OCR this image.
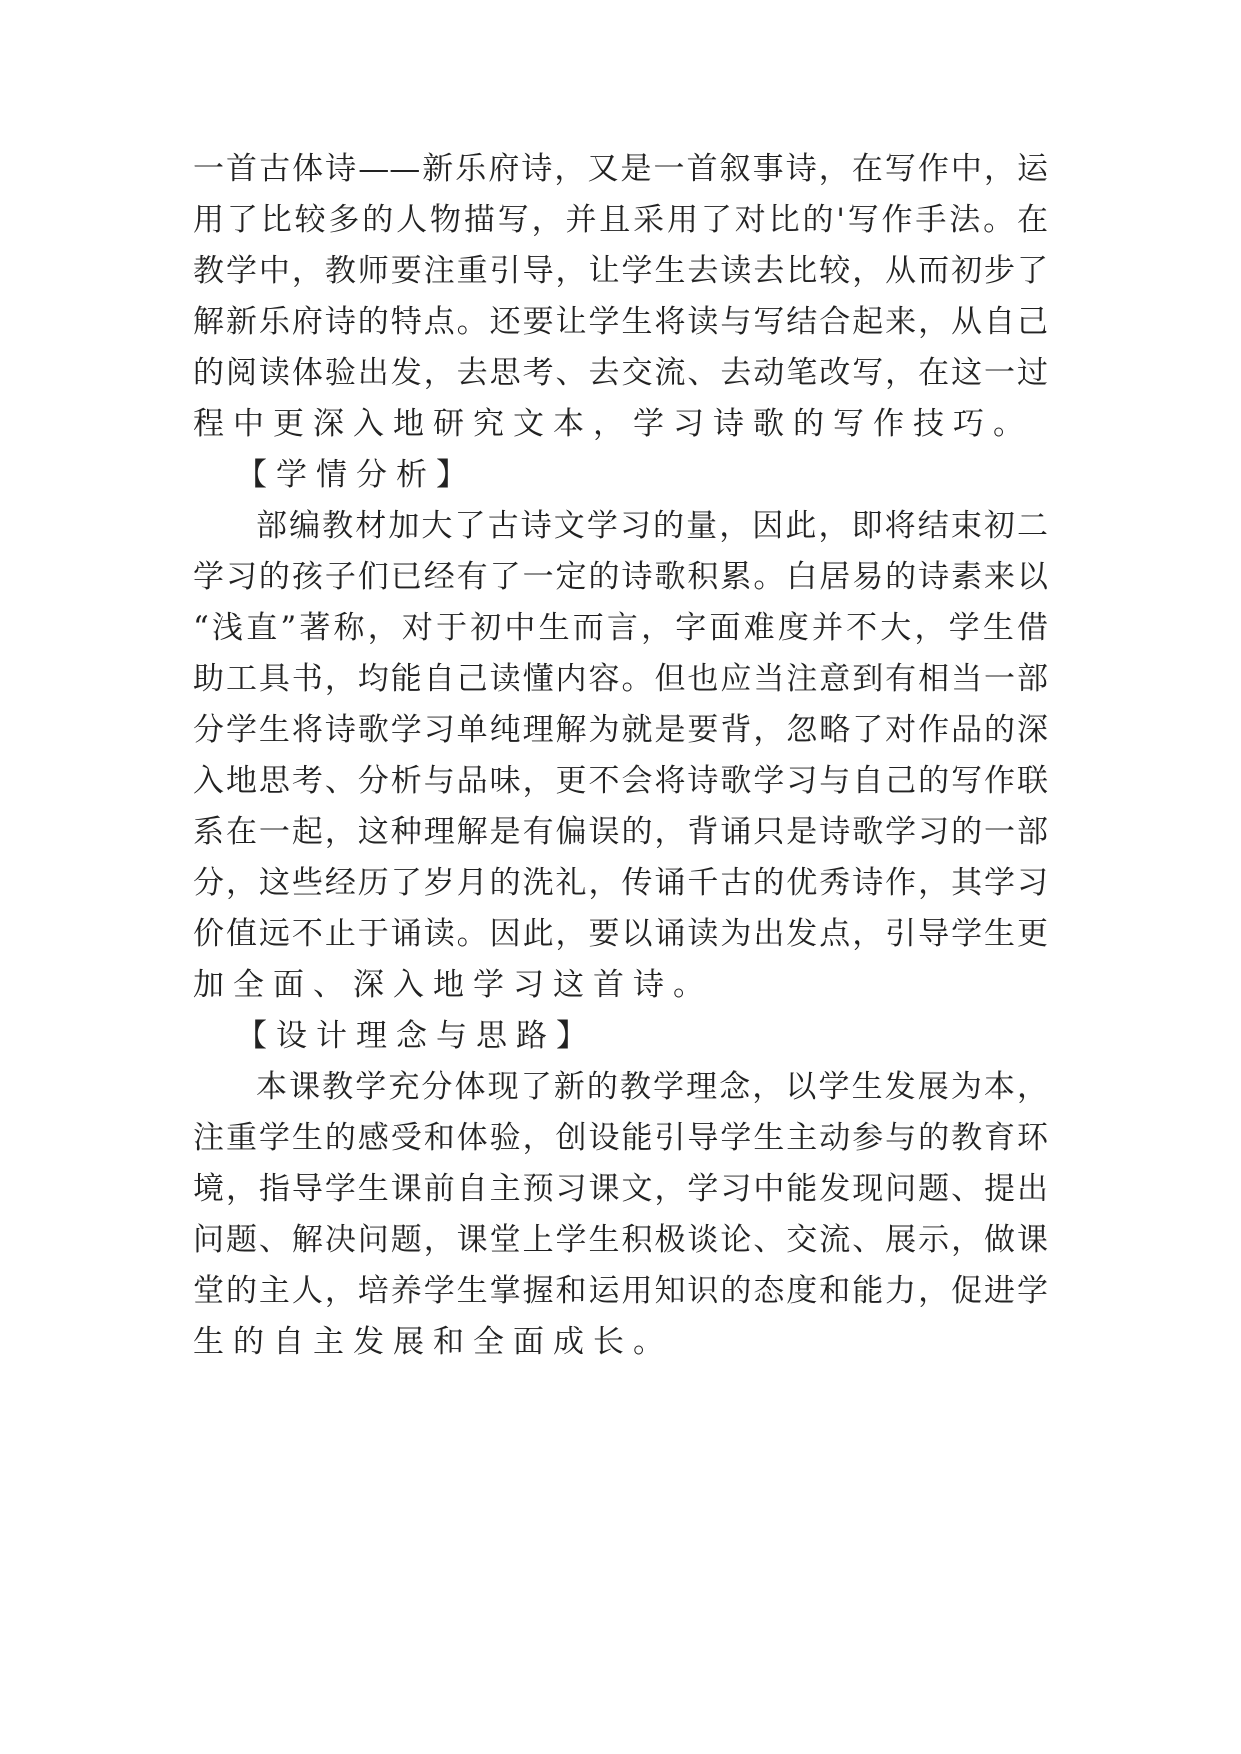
一首古体诗——新乐府诗，又是一首叙事诗，在写作中，运
用了比较多的人物描写，并且采用了对比的'写作手法。在
教学中，教师要注重引导，让学生去读去比较，从而初步了
解新乐府诗的特点。还要让学生将读与写结合起来，从自己
的阅读体验出发，去思考、去交流、去动笔改写，在这一过
程中更深入地研究文本，学习诗歌的写作技巧。
【学情分析】
部编教材加大了古诗文学习的量，因此，即将结束初二
学习的孩子们已经有了一定的诗歌积累。白居易的诗素来以
“浅直”著称，对于初中生而言，字面难度并不大，学生借
助工具书，均能自己读懂内容。但也应当注意到有相当一部
分学生将诗歌学习单纯理解为就是要背，忽略了对作品的深
入地思考、分析与品味，更不会将诗歌学习与自己的写作联
系在一起，这种理解是有偏误的，背诵只是诗歌学习的一部
分，这些经历了岁月的洗礼，传诵千古的优秀诗作，其学习
价值远不止于诵读。因此，要以诵读为出发点，引导学生更
加全面、深入地学习这首诗。
【设计理念与思路】
本课教学充分体现了新的教学理念，以学生发展为本，
注重学生的感受和体验，创设能引导学生主动参与的教育环
境，指导学生课前自主预习课文，学习中能发现问题、提出
问题、解决问题，课堂上学生积极谈论、交流、展示，做课
堂的主人，培养学生掌握和运用知识的态度和能力，促进学
生的自主发展和全面成长。
